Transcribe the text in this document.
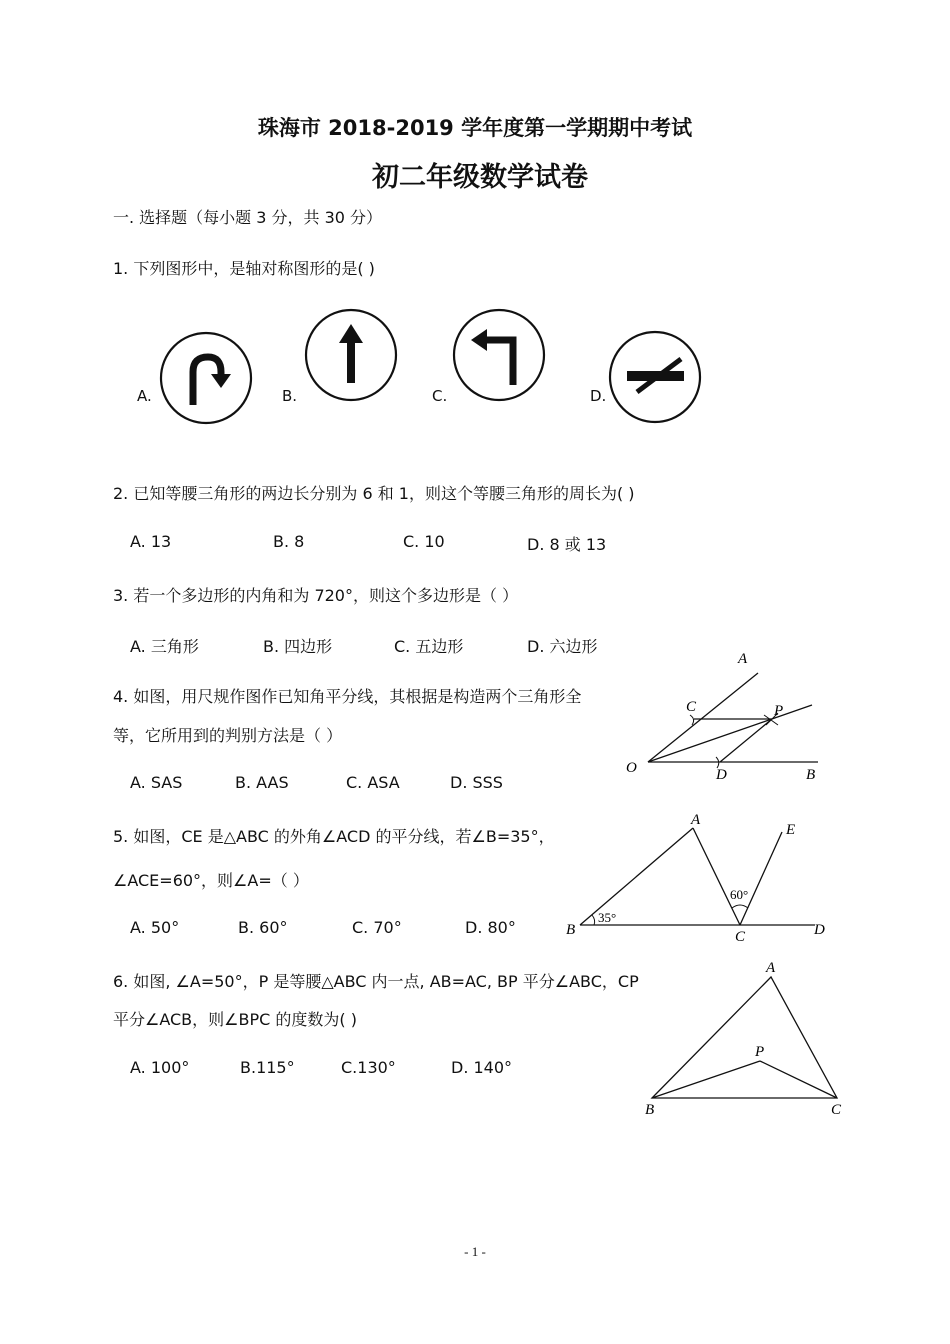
珠海市 2018-2019 学年度第一学期期中考试
初二年级数学试卷
一. 选择题（每小题 3 分，共 30 分）
1. 下列图形中，是轴对称图形的是( )
A.	B.	C.	D.
2. 已知等腰三角形的两边长分别为 6 和 1，则这个等腰三角形的周长为( )
A. 13	B. 8	C. 10	D. 8 或 13
3. 若一个多边形的内角和为 720°，则这个多边形是（ ）
A. 三角形	B. 四边形	C. 五边形	D. 六边形
4. 如图，用尺规作图作已知角平分线，其根据是构造两个三角形全
等，它所用到的判别方法是（ ）
A. SAS	B. AAS	C. ASA	D. SSS
A
C	P
O	D	B
5. 如图，CE 是△ABC 的外角∠ACD 的平分线，若∠B=35°，
∠ACE=60°，则∠A=（ ）
A. 50°	B. 60°	C. 70°	D. 80°
A
E
B	C	D
35°
60°
6. 如图, ∠A=50°，P 是等腰△ABC 内一点, AB=AC, BP 平分∠ABC，CP
平分∠ACB，则∠BPC 的度数为( )
A. 100°	B.115°	C.130°	D. 140°
A
P
B	C
- 1 -
